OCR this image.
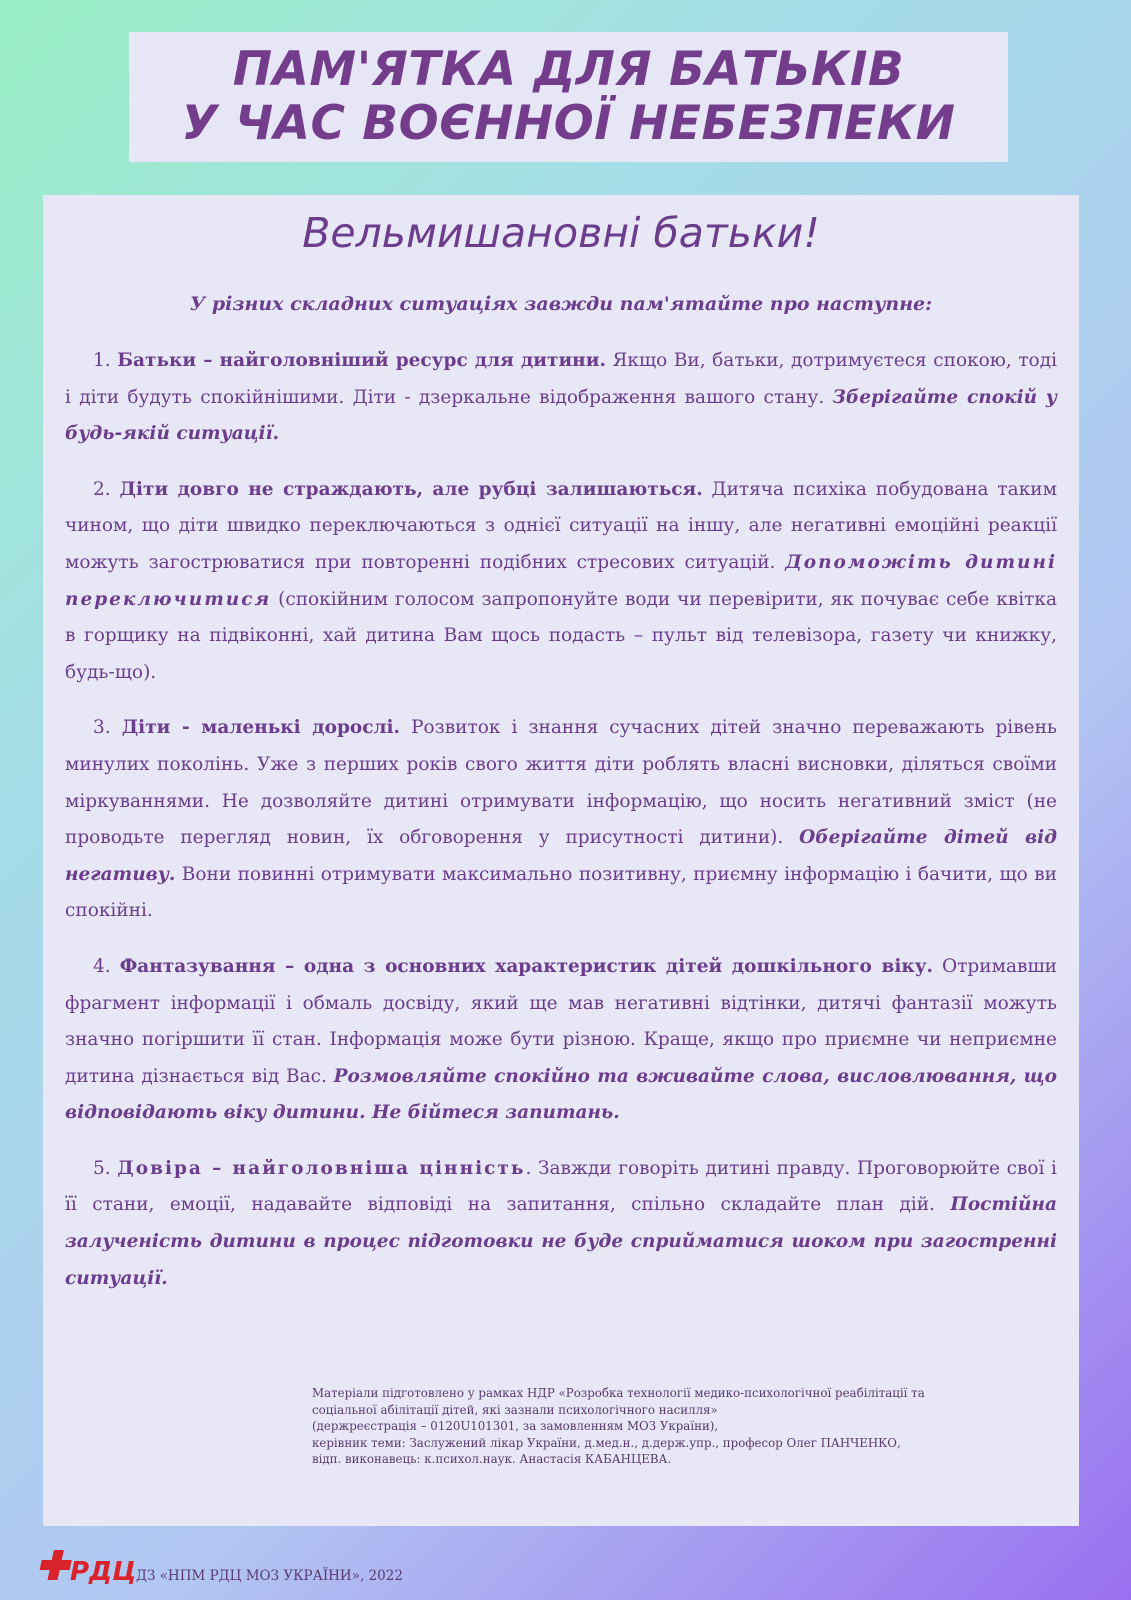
ПАМ'ЯТКА ДЛЯ БАТЬКІВ
У ЧАС ВОЄННОЇ НЕБЕЗПЕКИ
Вельмишановні батьки!
У різних складних ситуаціях завжди пам'ятайте про наступне:

1. Батьки – найголовніший ресурс для дитини. Якщо Ви, батьки, дотримуєтеся спокою, тоді і діти будуть спокійнішими. Діти - дзеркальне відображення вашого стану. Зберігайте спокій у будь-якій ситуації.

2. Діти довго не страждають, але рубці залишаються. Дитяча психіка побудована таким чином, що діти швидко переключаються з однієї ситуації на іншу, але негативні емоційні реакції можуть загострюватися при повторенні подібних стресових ситуацій. Допоможіть дитині переключитися (спокійним голосом запропонуйте води чи перевірити, як почуває себе квітка в горщику на підвіконні, хай дитина Вам щось подасть – пульт від телевізора, газету чи книжку, будь-що).

3. Діти - маленькі дорослі. Розвиток і знання сучасних дітей значно переважають рівень минулих поколінь. Уже з перших років свого життя діти роблять власні висновки, діляться своїми міркуваннями. Не дозволяйте дитині отримувати інформацію, що носить негативний зміст (не проводьте перегляд новин, їх обговорення у присутності дитини). Оберігайте дітей від негативу. Вони повинні отримувати максимально позитивну, приємну інформацію і бачити, що ви спокійні.

4. Фантазування – одна з основних характеристик дітей дошкільного віку. Отримавши фрагмент інформації і обмаль досвіду, який ще мав негативні відтінки, дитячі фантазії можуть значно погіршити її стан. Інформація може бути різною. Краще, якщо про приємне чи неприємне дитина дізнається від Вас. Розмовляйте спокійно та вживайте слова, висловлювання, що відповідають віку дитини. Не бійтеся запитань.

5. Довіра – найголовніша цінність. Завжди говоріть дитині правду. Проговорюйте свої і її стани, емоції, надавайте відповіді на запитання, спільно складайте план дій. Постійна залученість дитини в процес підготовки не буде сприйматися шоком при загостренні ситуації.

Матеріали підготовлено у рамках НДР «Розробка технології медико-психологічної реабілітації та
соціальної абілітації дітей, які зазнали психологічного насилля»
(держреєстрація – 0120U101301, за замовленням МОЗ України),
керівник теми: Заслужений лікар України, д.мед.н., д.держ.упр., професор Олег ПАНЧЕНКО,
відп. виконавець: к.психол.наук. Анастасія КАБАНЦЕВА.
РДЦ ДЗ «НПМ РДЦ МОЗ УКРАЇНИ», 2022
